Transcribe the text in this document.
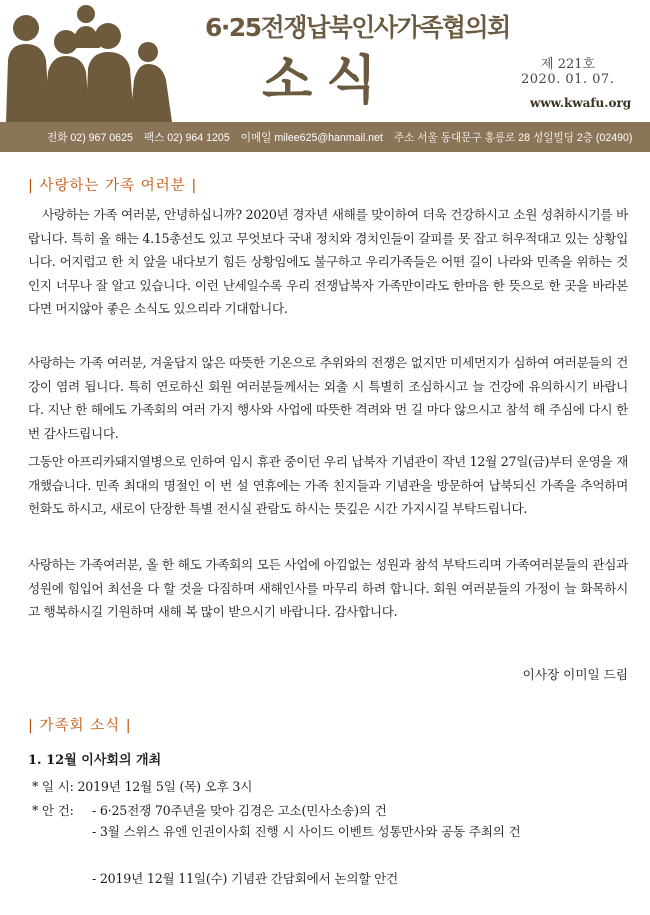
6·25전쟁납북인사가족협의회
소식	제 221호
2020. 01. 07.
www.kwafu.org
전화 02) 967 0625 팩스 02) 964 1205 이메일 milee625@hanmail.net 주소 서울 동대문구 홍릉로 28 성일빌딩 2층 (02490)
| 사랑하는 가족 여러분 |

사랑하는 가족 여러분, 안녕하십니까? 2020년 경자년 새해를 맞이하여 더욱 건강하시고 소원 성취하시기를 바랍니다. 특히 올 해는 4.15총선도 있고 무엇보다 국내 정치와 경치인들이 갈피를 못 잡고 허우적대고 있는 상황입니다. 어지럽고 한 치 앞을 내다보기 힘든 상황임에도 불구하고 우리가족들은 어떤 길이 나라와 민족을 위하는 것인지 너무나 잘 알고 있습니다. 이런 난세일수록 우리 전쟁납북자 가족만이라도 한마음 한 뜻으로 한 곳을 바라본다면 머지않아 좋은 소식도 있으리라 기대합니다.

사랑하는 가족 여러분, 겨울답지 않은 따뜻한 기온으로 추위와의 전쟁은 없지만 미세먼지가 심하여 여러분들의 건강이 염려 됩니다. 특히 연로하신 회원 여러분들께서는 외출 시 특별히 조심하시고 늘 건강에 유의하시기 바랍니다. 지난 한 해에도 가족회의 여러 가지 행사와 사업에 따뜻한 격려와 먼 길 마다 않으시고 참석 해 주심에 다시 한 번 감사드립니다.

그동안 아프리카돼지열병으로 인하여 임시 휴관 중이던 우리 납북자 기념관이 작년 12월 27일(금)부터 운영을 재개했습니다. 민족 최대의 명절인 이 번 설 연휴에는 가족 친지들과 기념관을 방문하여 납북되신 가족을 추억하며 헌화도 하시고, 새로이 단장한 특별 전시실 관람도 하시는 뜻깊은 시간 가지시길 부탁드립니다.

사랑하는 가족여러분, 올 한 해도 가족회의 모든 사업에 아낌없는 성원과 참석 부탁드리며 가족여러분들의 관심과 성원에 힘입어 최선을 다 할 것을 다짐하며 새해인사를 마무리 하려 합니다. 회원 여러분들의 가정이 늘 화목하시고 행복하시길 기원하며 새해 복 많이 받으시기 바랍니다. 감사합니다.

이사장 이미일 드림
| 가족회 소식 |
1. 12월 이사회의 개최
* 일 시: 2019년 12월 5일 (목) 오후 3시
* 안 건: - 6·25전쟁 70주년을 맞아 김경은 고소(민사소송)의 건
- 3월 스위스 유엔 인권이사회 진행 시 사이드 이벤트 성통만사와 공동 주최의 건
- 2019년 12월 11일(수) 기념관 간담회에서 논의할 안건
